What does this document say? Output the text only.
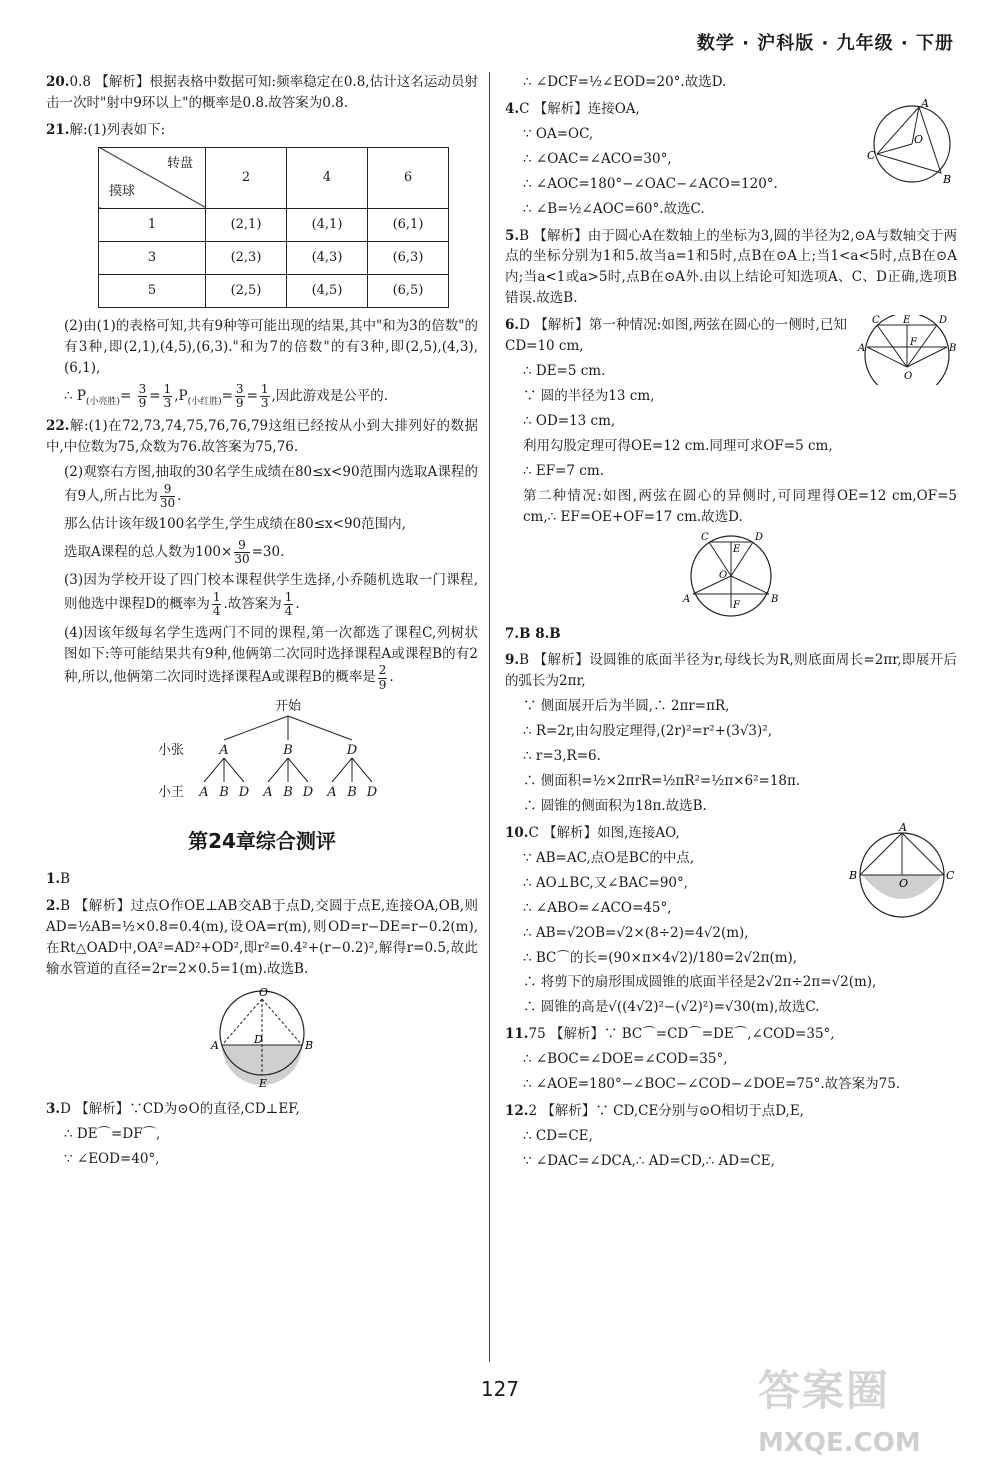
数学 · 沪科版 · 九年级 · 下册

20.0.8 【解析】根据表格中数据可知:频率稳定在0.8,估计这名运动员射击一次时"射中9环以上"的概率是0.8.故答案为0.8.

21.解:(1)列表如下:

转盘
摸球	2	4	6
1	(2,1)	(4,1)	(6,1)
3	(2,3)	(4,3)	(6,3)
5	(2,5)	(4,5)	(6,5)

(2)由(1)的表格可知,共有9种等可能出现的结果,其中"和为3的倍数"的有3种,即(2,1),(4,5),(6,3)."和为7的倍数"的有3种,即(2,5),(4,3),(6,1),

∴ $P_{(小亮胜)}= \frac{3}{9} = \frac{1}{3} ,P_{(小红胜)}= \frac{3}{9} = \frac{1}{3}$ ,因此游戏是公平的.

22.解:(1)在72,73,74,75,76,76,79这组已经按从小到大排列好的数据中,中位数为75,众数为76.故答案为75,76.

(2)观察右方图,抽取的30名学生成绩在80≤x<90范围内选取A课程的有9人,所占比为 $\frac{9}{30}$ .

那么估计该年级100名学生,学生成绩在80≤x<90范围内,

选取A课程的总人数为$100\times \frac{9}{30} =30$.

(3)因为学校开设了四门校本课程供学生选择,小乔随机选取一门课程,则他选中课程D的概率为 $\frac{1}{4}$ .故答案为 $\frac{1}{4}$ .

(4)因该年级每名学生选两门不同的课程,第一次都选了课程C,列树状图如下:等可能结果共有9种,他俩第二次同时选择课程A或课程B的有2种,所以,他俩第二次同时选择课程A或课程B的概率是 $\frac{2}{9}$ .

开始
小张	A	B	D
小王 A B D A B D A B D
第24章综合测评

1.B

2.B 【解析】过点O作OE⊥AB交AB于点D,交圆于点E,连接OA,OB,则AD=½AB=½×0.8=0.4(m),设OA=r(m),则OD=r−DE=r−0.2(m),在Rt△OAD中,OA²=AD²+OD²,即r²=0.4²+(r−0.2)²,解得r=0.5,故此输水管道的直径=2r=2×0.5=1(m).故选B.

O
A	B
D
E

3.D 【解析】∵CD为⊙O的直径,CD⊥EF,

∴ DE⌒=DF⌒,

∵ ∠EOD=40°,

∴ ∠DCF=½∠EOD=20°.故选D.

A
B
C
O

4.C 【解析】连接OA,

∵ OA=OC,

∴ ∠OAC=∠ACO=30°,

∴ ∠AOC=180°−∠OAC−∠ACO=120°.

∴ ∠B=½∠AOC=60°.故选C.

5.B 【解析】由于圆心A在数轴上的坐标为3,圆的半径为2,⊙A与数轴交于两点的坐标分别为1和5.故当a=1和5时,点B在⊙A上;当1<a<5时,点B在⊙A内;当a<1或a>5时,点B在⊙A外.由以上结论可知选项A、C、D正确,选项B错误.故选B.

C E	D
A
F
B
O

6.D 【解析】第一种情况:如图,两弦在圆心的一侧时,已知CD=10 cm,

∴ DE=5 cm.

∵ 圆的半径为13 cm,

∴ OD=13 cm,

利用勾股定理可得OE=12 cm.同理可求OF=5 cm,

∴ EF=7 cm.

第二种情况:如图,两弦在圆心的异侧时,可同理得OE=12 cm,OF=5 cm,∴ EF=OE+OF=17 cm.故选D.

C
E
D
O
A
F
B

7.B 8.B

9.B 【解析】设圆锥的底面半径为r,母线长为R,则底面周长=2πr,即展开后的弧长为2πr,

∵ 侧面展开后为半圆,∴ 2πr=πR,

∴ R=2r,由勾股定理得,(2r)²=r²+(3√3)²,

∴ r=3,R=6.

∴ 侧面积=½×2πrR=½πR²=½π×6²=18π.

∴ 圆锥的侧面积为18π.故选B.

A
B	C
O

10.C 【解析】如图,连接AO,

∵ AB=AC,点O是BC的中点,

∴ AO⊥BC,又∠BAC=90°,

∴ ∠ABO=∠ACO=45°,

∴ AB=√2OB=√2×(8÷2)=4√2(m),

∴ BC⌒的长=(90×π×4√2)/180=2√2π(m),

∴ 将剪下的扇形围成圆锥的底面半径是2√2π÷2π=√2(m),

∴ 圆锥的高是√((4√2)²−(√2)²)=√30(m),故选C.

11.75 【解析】∵ BC⌒=CD⌒=DE⌒,∠COD=35°,

∴ ∠BOC=∠DOE=∠COD=35°,

∴ ∠AOE=180°−∠BOC−∠COD−∠DOE=75°.故答案为75.

12.2 【解析】∵ CD,CE分别与⊙O相切于点D,E,

∴ CD=CE,

∵ ∠DAC=∠DCA,∴ AD=CD,∴ AD=CE,

127	答案圈
MXQE.COM
